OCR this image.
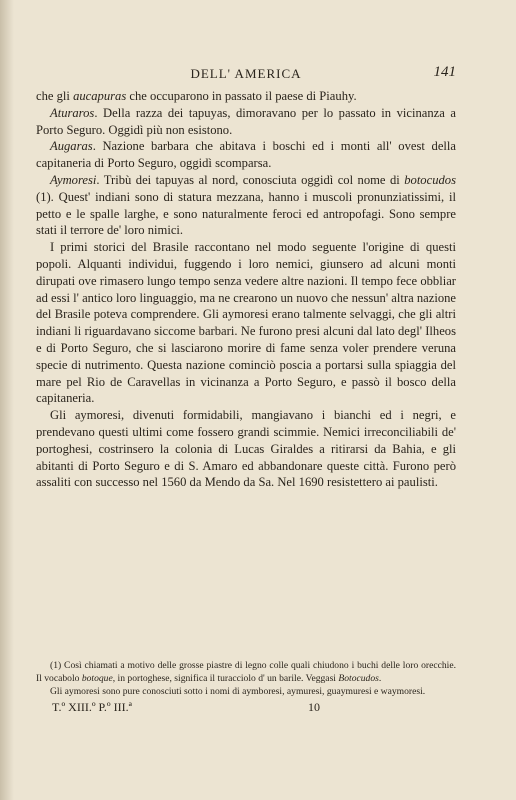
DELL' AMERICA	141

che gli aucapuras che occuparono in passato il paese di Piauhy.

Aturaros. Della razza dei tapuyas, dimoravano per lo passato in vicinanza a Porto Seguro. Oggidì più non esistono.

Augaras. Nazione barbara che abitava i boschi ed i monti all' ovest della capitaneria di Porto Seguro, oggidì scomparsa.

Aymoresi. Tribù dei tapuyas al nord, conosciuta oggidì col nome di botocudos (1). Quest' indiani sono di statura mezzana, hanno i muscoli pronunziatissimi, il petto e le spalle larghe, e sono naturalmente feroci ed antropofagi. Sono sempre stati il terrore de' loro nimici.

I primi storici del Brasile raccontano nel modo seguente l'origine di questi popoli. Alquanti individui, fuggendo i loro nemici, giunsero ad alcuni monti dirupati ove rimasero lungo tempo senza vedere altre nazioni. Il tempo fece obbliar ad essi l' antico loro linguaggio, ma ne crearono un nuovo che nessun' altra nazione del Brasile poteva comprendere. Gli aymoresi erano talmente selvaggi, che gli altri indiani li riguardavano siccome barbari. Ne furono presi alcuni dal lato degl' Ilheos e di Porto Seguro, che si lasciarono morire di fame senza voler prendere veruna specie di nutrimento. Questa nazione cominciò poscia a portarsi sulla spiaggia del mare pel Rio de Caravellas in vicinanza a Porto Seguro, e passò il bosco della capitaneria.

Gli aymoresi, divenuti formidabili, mangiavano i bianchi ed i negri, e prendevano questi ultimi come fossero grandi scimmie. Nemici irreconciliabili de' portoghesi, costrinsero la colonia di Lucas Giraldes a ritirarsi da Bahia, e gli abitanti di Porto Seguro e di S. Amaro ed abbandonare queste città. Furono però assaliti con successo nel 1560 da Mendo da Sa. Nel 1690 resistettero ai paulisti.

(1) Così chiamati a motivo delle grosse piastre di legno colle quali chiudono i buchi delle loro orecchie. Il vocabolo botoque, in portoghese, significa il turacciolo d' un barile. Veggasi Botocudos.

Gli aymoresi sono pure conosciuti sotto i nomi di aymboresi, aymuresi, guaymuresi e waymoresi.

T.º XIII.º P.º III.ª	10
